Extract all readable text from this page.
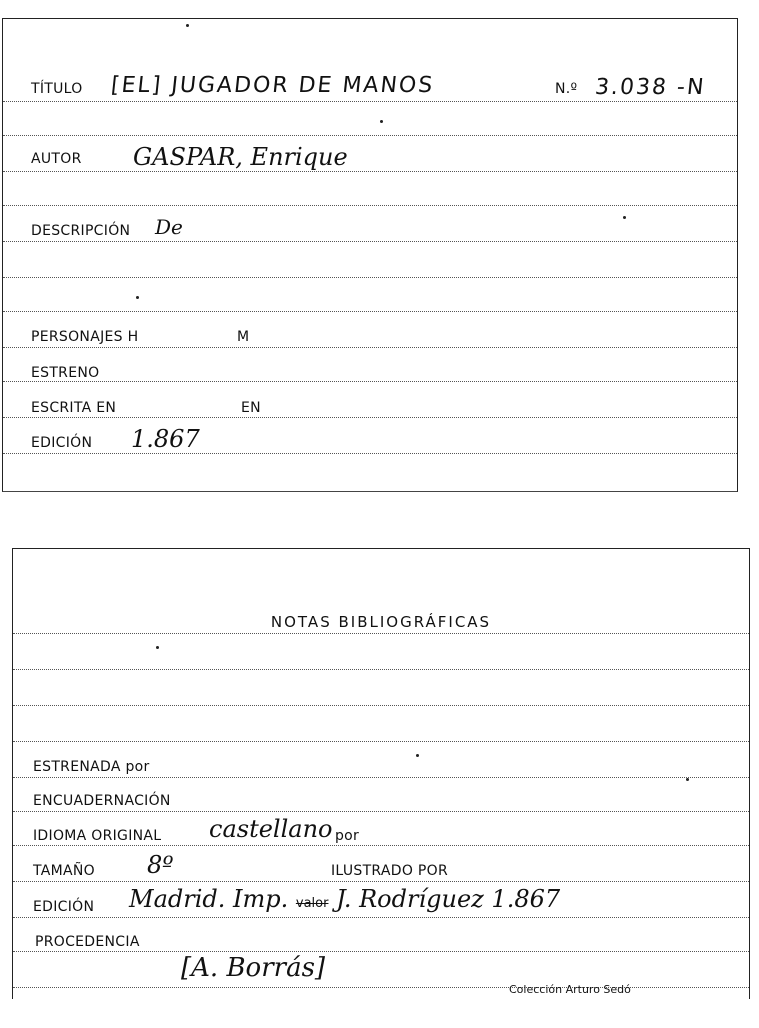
TÍTULO [EL] JUGADOR DE MANOS	N.º 3.038 -N
AUTOR GASPAR, Enrique
DESCRIPCIÓN De
PERSONAJES H	M
ESTRENO
ESCRITA EN	EN
EDICIÓN 1.867
NOTAS BIBLIOGRÁFICAS
ESTRENADA por
ENCUADERNACIÓN
IDIOMA ORIGINAL castellano por
TAMAÑO 8º	ILUSTRADO POR
EDICIÓN Madrid. Imp. valor J. Rodríguez 1.867
PROCEDENCIA
[A. Borrás]
Colección Arturo Sedó
